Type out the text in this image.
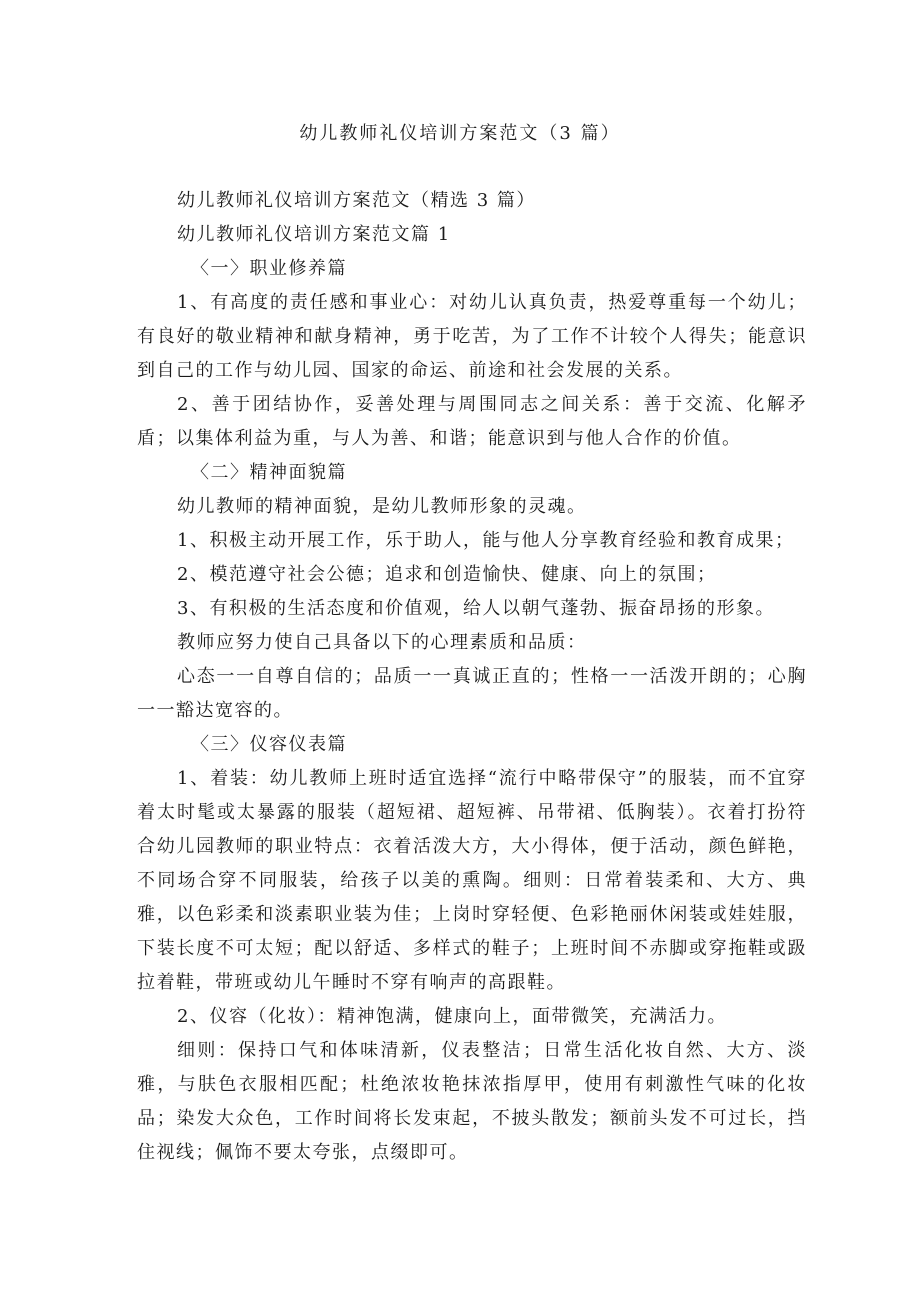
幼儿教师礼仪培训方案范文（3 篇）

幼儿教师礼仪培训方案范文（精选 3 篇）

幼儿教师礼仪培训方案范文篇 1

〈一〉职业修养篇

1、有高度的责任感和事业心：对幼儿认真负责，热爱尊重每一个幼儿；有良好的敬业精神和献身精神，勇于吃苦，为了工作不计较个人得失；能意识到自己的工作与幼儿园、国家的命运、前途和社会发展的关系。

2、善于团结协作，妥善处理与周围同志之间关系：善于交流、化解矛盾；以集体利益为重，与人为善、和谐；能意识到与他人合作的价值。

〈二〉精神面貌篇

幼儿教师的精神面貌，是幼儿教师形象的灵魂。

1、积极主动开展工作，乐于助人，能与他人分享教育经验和教育成果；

2、模范遵守社会公德；追求和创造愉快、健康、向上的氛围；

3、有积极的生活态度和价值观，给人以朝气蓬勃、振奋昂扬的形象。

教师应努力使自己具备以下的心理素质和品质：

心态一一自尊自信的；品质一一真诚正直的；性格一一活泼开朗的；心胸一一豁达宽容的。

〈三〉仪容仪表篇

1、着装：幼儿教师上班时适宜选择“流行中略带保守”的服装，而不宜穿着太时髦或太暴露的服装（超短裙、超短裤、吊带裙、低胸装）。衣着打扮符合幼儿园教师的职业特点：衣着活泼大方，大小得体，便于活动，颜色鲜艳，不同场合穿不同服装，给孩子以美的熏陶。细则：日常着装柔和、大方、典雅，以色彩柔和淡素职业装为佳；上岗时穿轻便、色彩艳丽休闲装或娃娃服，下装长度不可太短；配以舒适、多样式的鞋子；上班时间不赤脚或穿拖鞋或趿拉着鞋，带班或幼儿午睡时不穿有响声的高跟鞋。

2、仪容（化妆）：精神饱满，健康向上，面带微笑，充满活力。

细则：保持口气和体味清新，仪表整洁；日常生活化妆自然、大方、淡雅，与肤色衣服相匹配；杜绝浓妆艳抹浓指厚甲，使用有刺激性气味的化妆品；染发大众色，工作时间将长发束起，不披头散发；额前头发不可过长，挡住视线；佩饰不要太夸张，点缀即可。
